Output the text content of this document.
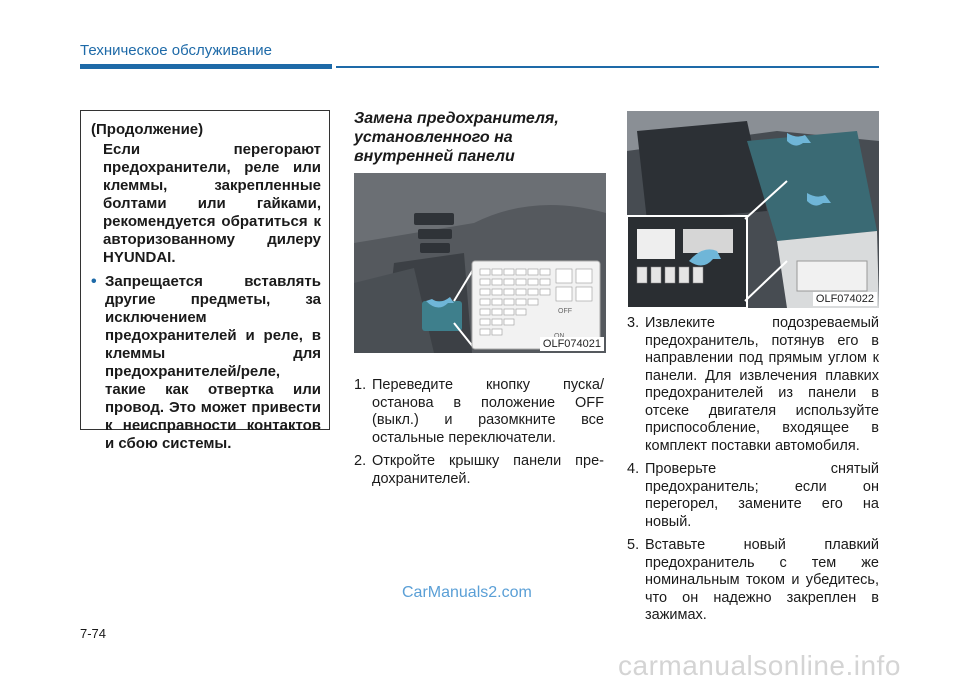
Техническое обслуживание
(Продолжение)
Если перегорают предохранители, реле или клеммы, закрепленные болтами или гайками, рекомендуется обратиться к авторизованному дилеру HYUNDAI.
• Запрещается вставлять другие предметы, за исключением предохранителей и реле, в клеммы для предохранителей/реле, такие как отвертка или провод. Это может привести к неисправности контактов и сбою системы.
Замена предохранителя, установленного на внутренней панели
OFF
OLF074021
OLF074022
1. Переведите кнопку пуска/останова в положение OFF (выкл.) и разомкните все остальные переключатели.
2. Откройте крышку панели пре-дохранителей.
3. Извлеките подозреваемый предохранитель, потянув его в направлении под прямым углом к панели. Для извлечения плавких предохранителей из панели в отсеке двигателя используйте приспособление, входящее в комплект поставки автомобиля.
4. Проверьте снятый предохранитель; если он перегорел, замените его на новый.
5. Вставьте новый плавкий предохранитель с тем же номинальным током и убедитесь, что он надежно закреплен в зажимах.
7-74
CarManuals2.com
carmanualsonline.info
